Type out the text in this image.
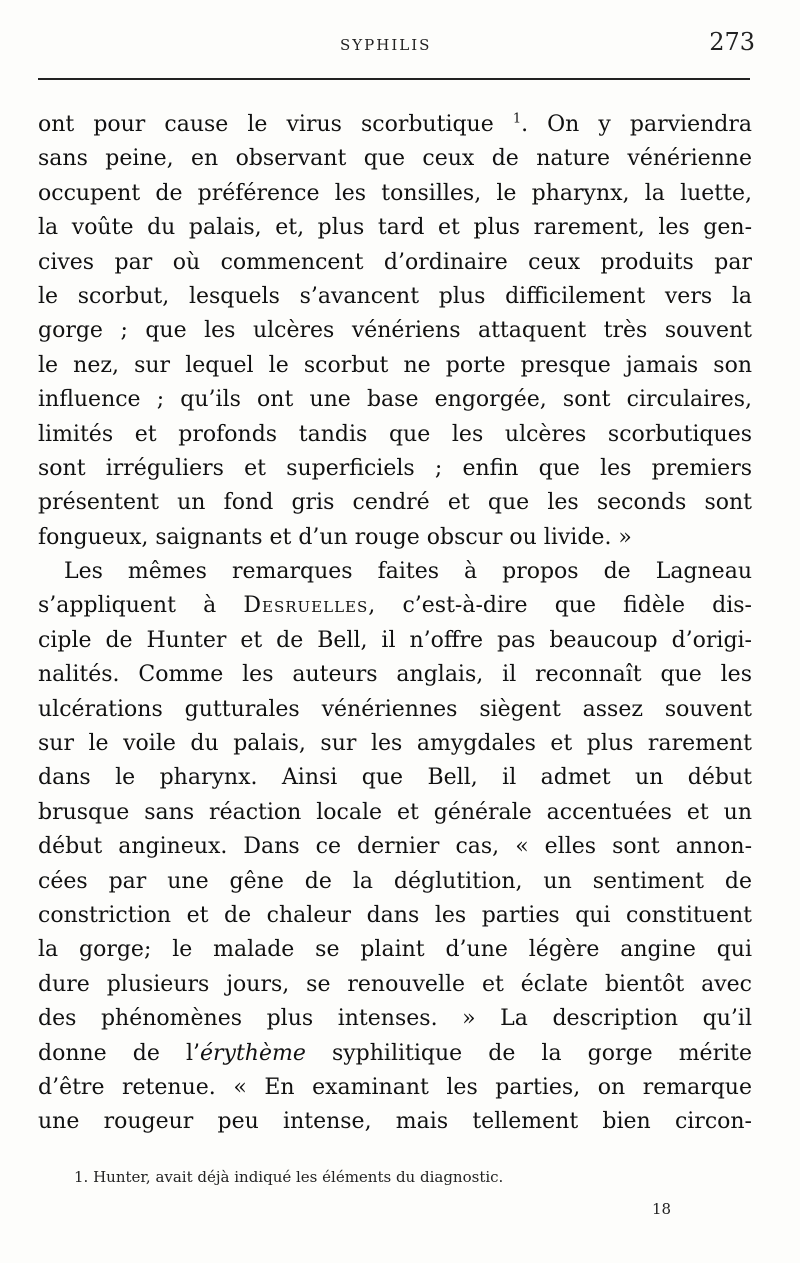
SYPHILIS	273
ont pour cause le virus scorbutique $^1$. On y parviendra
sans peine, en observant que ceux de nature vénérienne
occupent de préférence les tonsilles, le pharynx, la luette,
la voûte du palais, et, plus tard et plus rarement, les gen-
cives par où commencent d’ordinaire ceux produits par
le scorbut, lesquels s’avancent plus difficilement vers la
gorge ; que les ulcères vénériens attaquent très souvent
le nez, sur lequel le scorbut ne porte presque jamais son
influence ; qu’ils ont une base engorgée, sont circulaires,
limités et profonds tandis que les ulcères scorbutiques
sont irréguliers et superficiels ; enfin que les premiers
présentent un fond gris cendré et que les seconds sont
fongueux, saignants et d’un rouge obscur ou livide. »
Les mêmes remarques faites à propos de Lagneau
s’appliquent à Desruelles, c’est-à-dire que fidèle dis-
ciple de Hunter et de Bell, il n’offre pas beaucoup d’origi-
nalités. Comme les auteurs anglais, il reconnaît que les
ulcérations gutturales vénériennes siègent assez souvent
sur le voile du palais, sur les amygdales et plus rarement
dans le pharynx. Ainsi que Bell, il admet un début
brusque sans réaction locale et générale accentuées et un
début angineux. Dans ce dernier cas, « elles sont annon-
cées par une gêne de la déglutition, un sentiment de
constriction et de chaleur dans les parties qui constituent
la gorge; le malade se plaint d’une légère angine qui
dure plusieurs jours, se renouvelle et éclate bientôt avec
des phénomènes plus intenses. » La description qu’il
donne de l’érythème syphilitique de la gorge mérite
d’être retenue. « En examinant les parties, on remarque
une rougeur peu intense, mais tellement bien circon-
1. Hunter, avait déjà indiqué les éléments du diagnostic.
18
